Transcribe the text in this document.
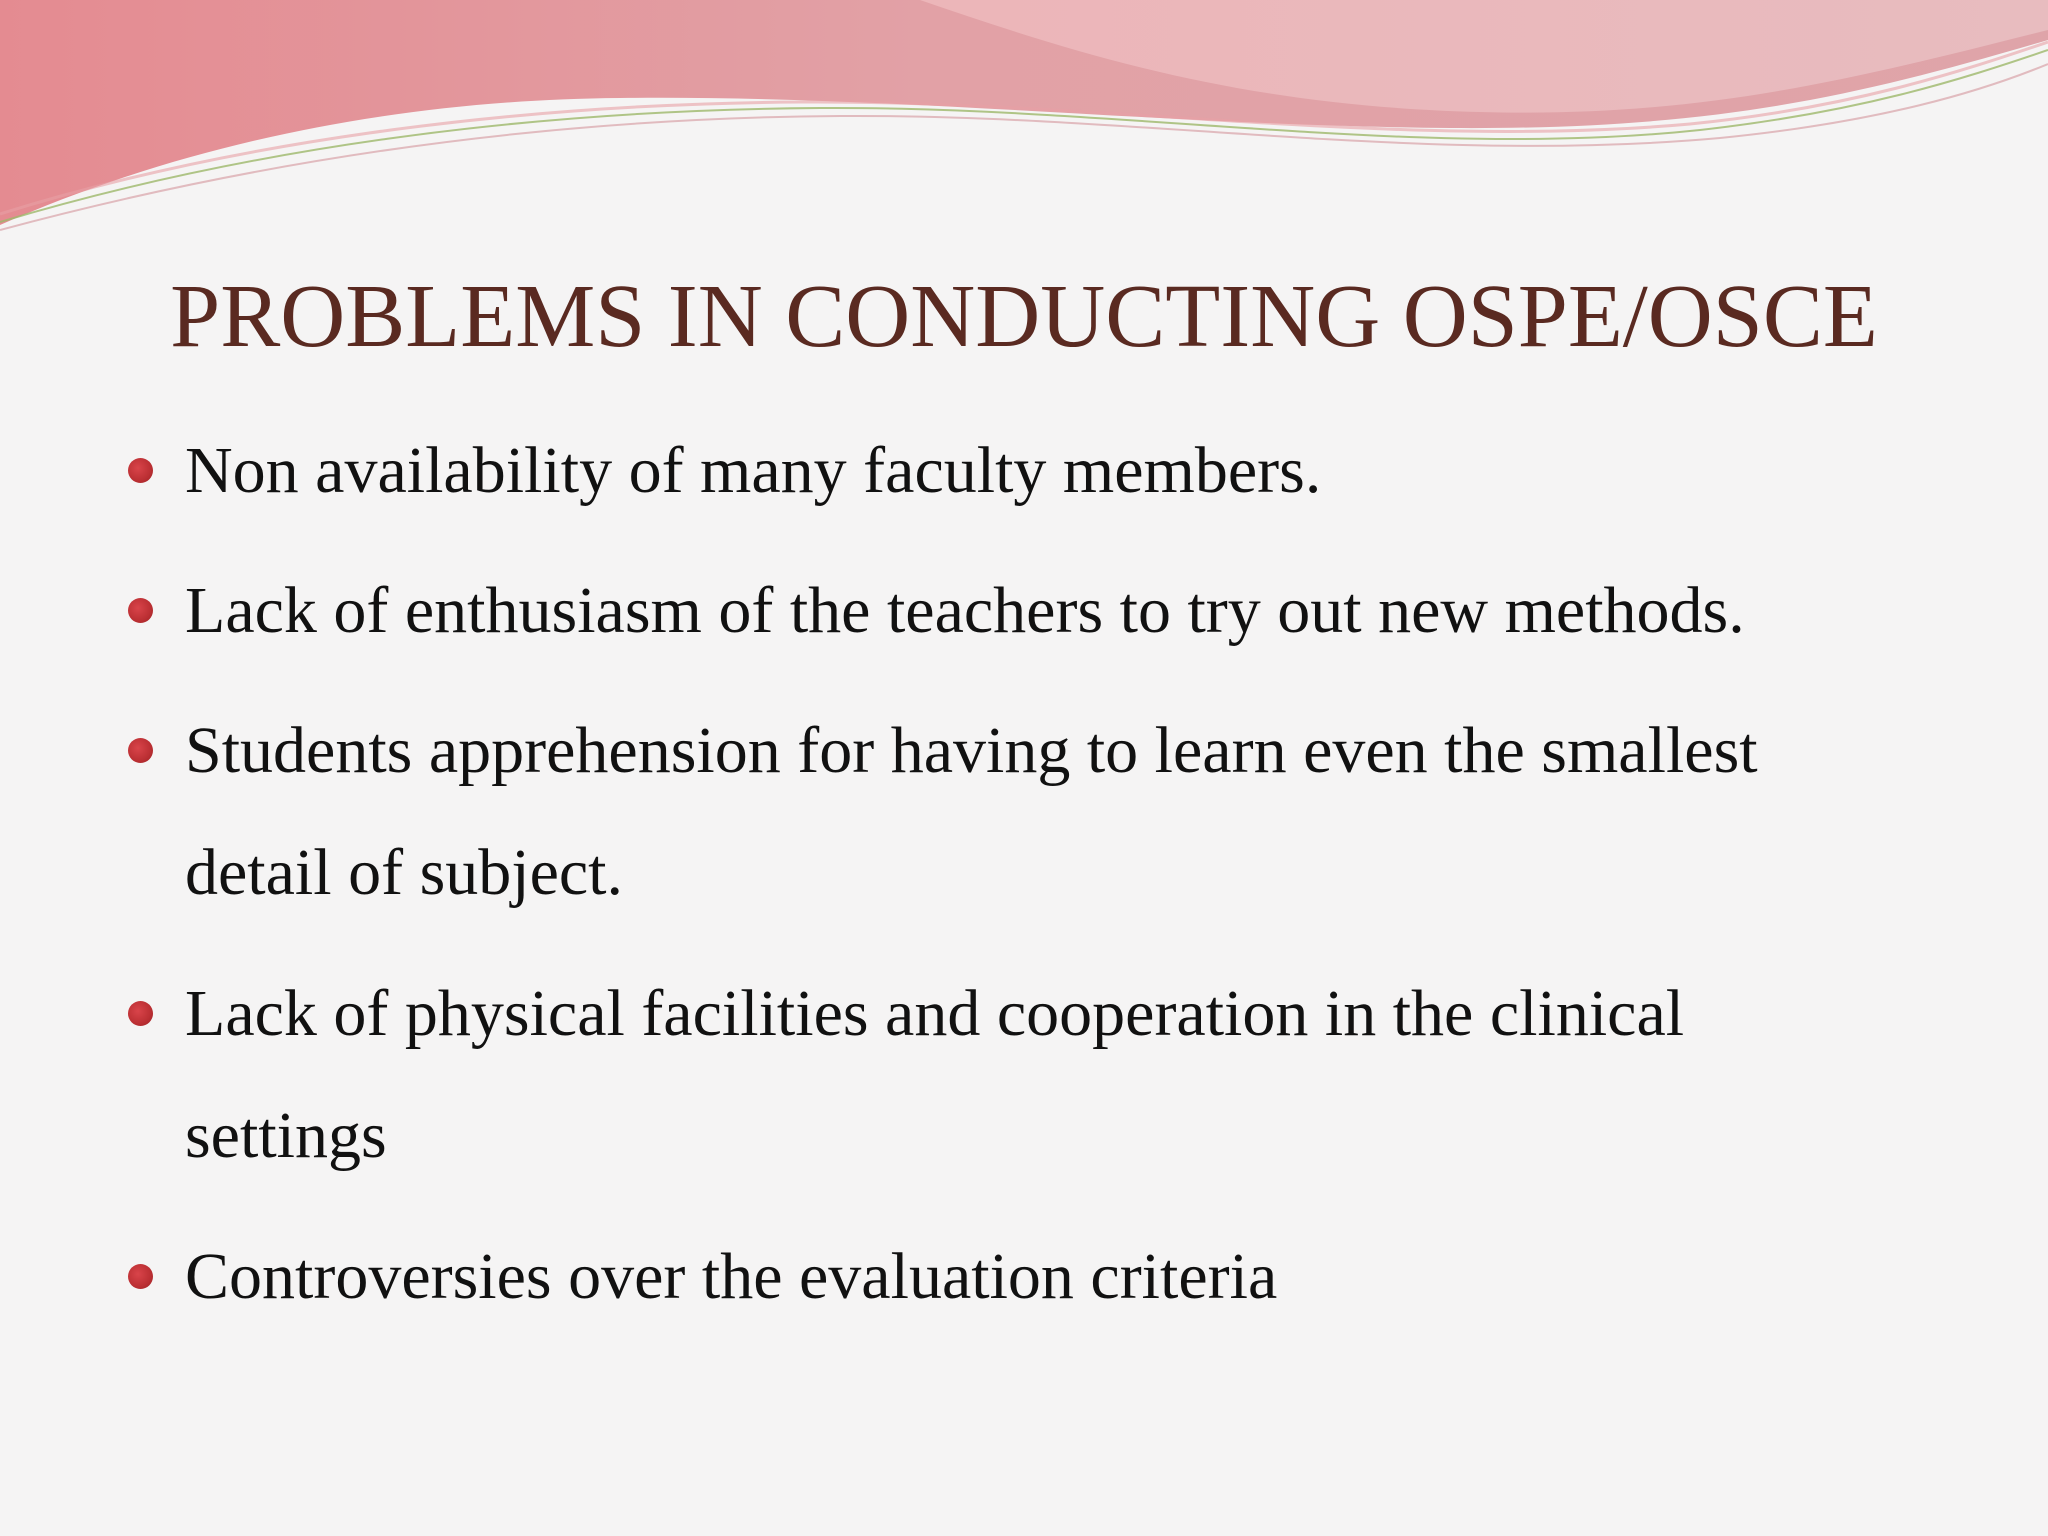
PROBLEMS IN CONDUCTING OSPE/OSCE
Non availability of many faculty members.
Lack of enthusiasm of the teachers to try out new methods.
Students apprehension for having to learn even the smallest detail of subject.
Lack of physical facilities and cooperation in the clinical settings
Controversies over the evaluation criteria
